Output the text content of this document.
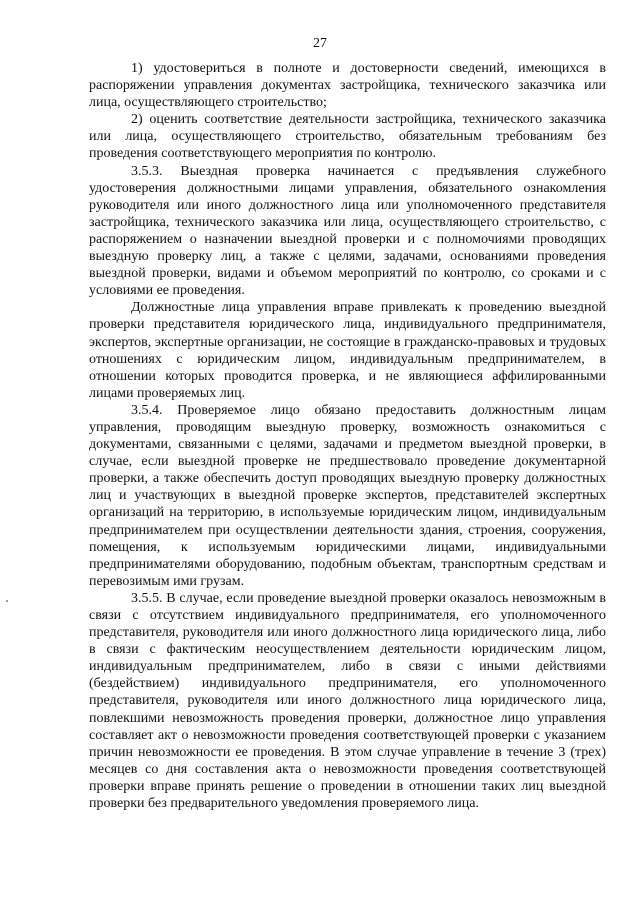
27

1) удостовериться в полноте и достоверности сведений, имеющихся в распоряжении управления документах застройщика, технического заказчика или лица, осуществляющего строительство;

2) оценить соответствие деятельности застройщика, технического заказчика или лица, осуществляющего строительство, обязательным требованиям без проведения соответствующего мероприятия по контролю.

3.5.3. Выездная проверка начинается с предъявления служебного удостоверения должностными лицами управления, обязательного ознакомления руководителя или иного должностного лица или уполномоченного представителя застройщика, технического заказчика или лица, осуществляющего строительство, с распоряжением о назначении выездной проверки и с полномочиями проводящих выездную проверку лиц, а также с целями, задачами, основаниями проведения выездной проверки, видами и объемом мероприятий по контролю, со сроками и с условиями ее проведения.

Должностные лица управления вправе привлекать к проведению выездной проверки представителя юридического лица, индивидуального предпринимателя, экспертов, экспертные организации, не состоящие в гражданско-правовых и трудовых отношениях с юридическим лицом, индивидуальным предпринимателем, в отношении которых проводится проверка, и не являющиеся аффилированными лицами проверяемых лиц.

3.5.4. Проверяемое лицо обязано предоставить должностным лицам управления, проводящим выездную проверку, возможность ознакомиться с документами, связанными с целями, задачами и предметом выездной проверки, в случае, если выездной проверке не предшествовало проведение документарной проверки, а также обеспечить доступ проводящих выездную проверку должностных лиц и участвующих в выездной проверке экспертов, представителей экспертных организаций на территорию, в используемые юридическим лицом, индивидуальным предпринимателем при осуществлении деятельности здания, строения, сооружения, помещения, к используемым юридическими лицами, индивидуальными предпринимателями оборудованию, подобным объектам, транспортным средствам и перевозимым ими грузам.

3.5.5. В случае, если проведение выездной проверки оказалось невозможным в связи с отсутствием индивидуального предпринимателя, его уполномоченного представителя, руководителя или иного должностного лица юридического лица, либо в связи с фактическим неосуществлением деятельности юридическим лицом, индивидуальным предпринимателем, либо в связи с иными действиями (бездействием) индивидуального предпринимателя, его уполномоченного представителя, руководителя или иного должностного лица юридического лица, повлекшими невозможность проведения проверки, должностное лицо управления составляет акт о невозможности проведения соответствующей проверки с указанием причин невозможности ее проведения. В этом случае управление в течение 3 (трех) месяцев со дня составления акта о невозможности проведения соответствующей проверки вправе принять решение о проведении в отношении таких лиц выездной проверки без предварительного уведомления проверяемого лица.
